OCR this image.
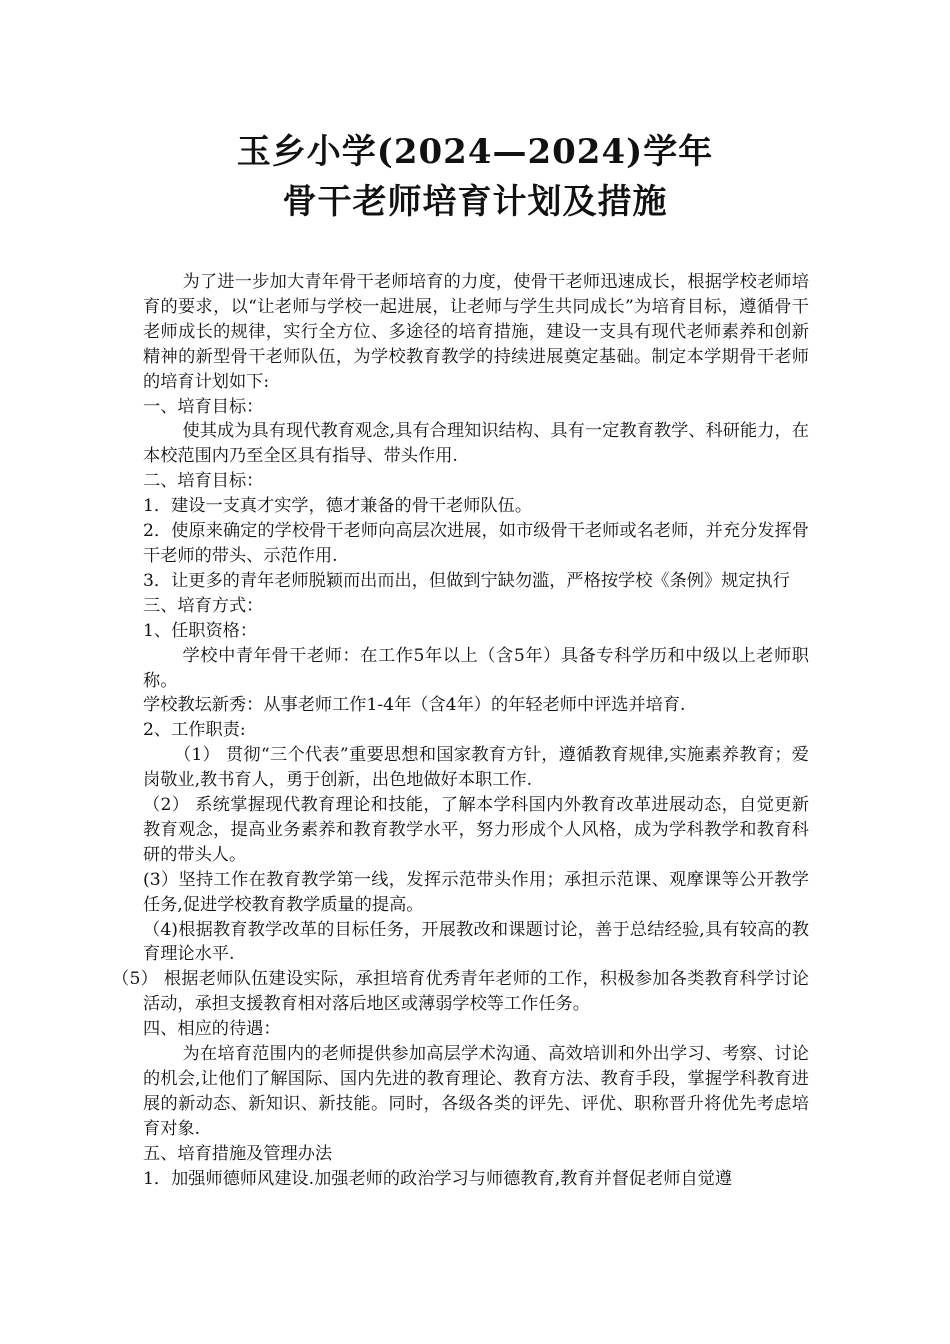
玉乡小学(2024—2024)学年
骨干老师培育计划及措施

为了进一步加大青年骨干老师培育的力度，使骨干老师迅速成长，根据学校老师培育的要求，以“让老师与学校一起进展，让老师与学生共同成长”为培育目标，遵循骨干老师成长的规律，实行全方位、多途径的培育措施，建设一支具有现代老师素养和创新精神的新型骨干老师队伍，为学校教育教学的持续进展奠定基础。制定本学期骨干老师的培育计划如下:

一、培育目标：

使其成为具有现代教育观念,具有合理知识结构、具有一定教育教学、科研能力，在本校范围内乃至全区具有指导、带头作用.

二、培育目标：

1．建设一支真才实学，德才兼备的骨干老师队伍。

2．使原来确定的学校骨干老师向高层次进展，如市级骨干老师或名老师，并充分发挥骨干老师的带头、示范作用.

3．让更多的青年老师脱颖而出而出，但做到宁缺勿滥，严格按学校《条例》规定执行

三、培育方式：

1、任职资格：

学校中青年骨干老师：在工作5年以上（含5年）具备专科学历和中级以上老师职称。

学校教坛新秀：从事老师工作1-4年（含4年）的年轻老师中评选并培育.

2、工作职责:

（1） 贯彻“三个代表”重要思想和国家教育方针，遵循教育规律,实施素养教育；爱岗敬业,教书育人，勇于创新，出色地做好本职工作.

（2） 系统掌握现代教育理论和技能，了解本学科国内外教育改革进展动态，自觉更新教育观念，提高业务素养和教育教学水平，努力形成个人风格，成为学科教学和教育科研的带头人。

(3）坚持工作在教育教学第一线，发挥示范带头作用；承担示范课、观摩课等公开教学任务,促进学校教育教学质量的提高。

（4)根据教育教学改革的目标任务，开展教改和课题讨论，善于总结经验,具有较高的教育理论水平.

（5） 根据老师队伍建设实际，承担培育优秀青年老师的工作，积极参加各类教育科学讨论活动，承担支援教育相对落后地区或薄弱学校等工作任务。

四、相应的待遇：

为在培育范围内的老师提供参加高层学术沟通、高效培训和外出学习、考察、讨论的机会,让他们了解国际、国内先进的教育理论、教育方法、教育手段，掌握学科教育进展的新动态、新知识、新技能。同时，各级各类的评先、评优、职称晋升将优先考虑培育对象.

五、培育措施及管理办法

1．加强师德师风建设.加强老师的政治学习与师德教育,教育并督促老师自觉遵
